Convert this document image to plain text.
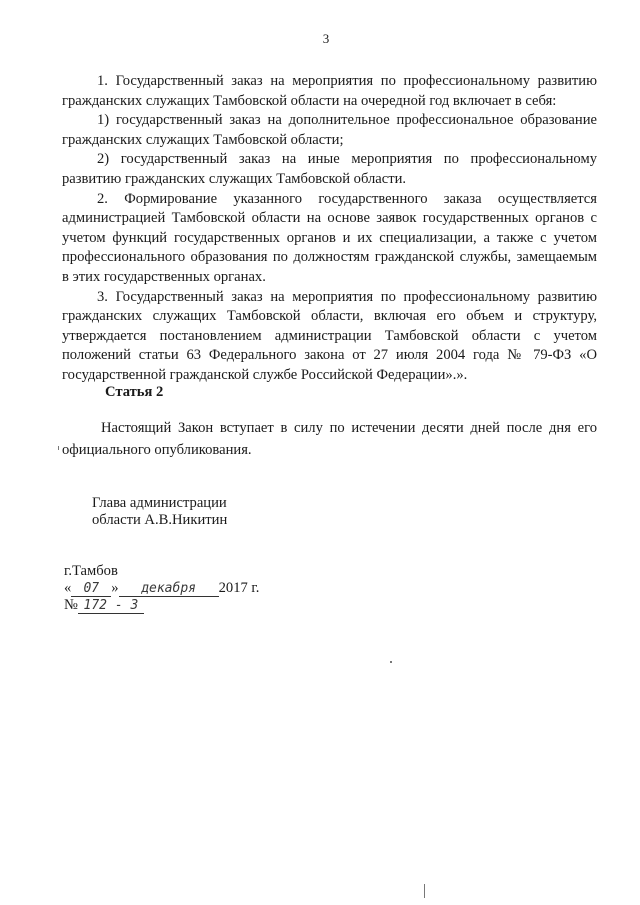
3

1. Государственный заказ на мероприятия по профессиональному развитию гражданских служащих Тамбовской области на очередной год включает в себя:

1) государственный заказ на дополнительное профессиональное образование гражданских служащих Тамбовской области;

2) государственный заказ на иные мероприятия по профессиональному развитию гражданских служащих Тамбовской области.

2. Формирование указанного государственного заказа осуществляется администрацией Тамбовской области на основе заявок государственных органов с учетом функций государственных органов и их специализации, а также с учетом профессионального образования по должностям гражданской службы, замещаемым в этих государственных органах.

3. Государственный заказ на мероприятия по профессиональному развитию гражданских служащих Тамбовской области, включая его объем и структуру, утверждается постановлением администрации Тамбовской области с учетом положений статьи 63 Федерального закона от 27 июля 2004 года № 79-ФЗ «О государственной гражданской службе Российской Федерации».».

Статья 2

Настоящий Закон вступает в силу по истечении десяти дней после дня его официального опубликования.

Глава администрации
области А.В.Никитин
г.Тамбов
« 07 » декабря 2017 г.
№ 172 - 3
